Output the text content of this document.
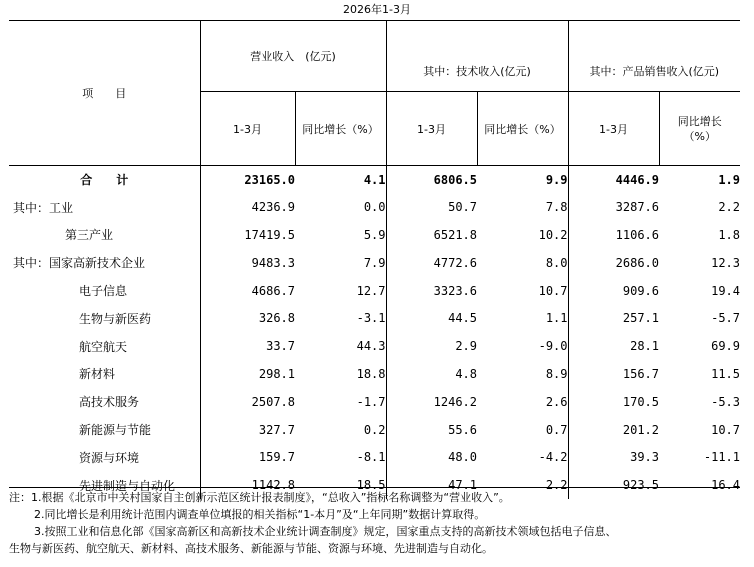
2026年1-3月
项　　目	营业收入　(亿元)		其中：技术收入(亿元)		其中：产品销售收入(亿元)	
	1-3月	同比增长（%）	1-3月	同比增长（%）	1-3月	同比增长
（%）
合　　计	23165.0	4.1	6806.5	9.9	4446.9	1.9
其中：工业	4236.9	0.0	50.7	7.8	3287.6	2.2
第三产业	17419.5	5.9	6521.8	10.2	1106.6	1.8
其中：国家高新技术企业	9483.3	7.9	4772.6	8.0	2686.0	12.3
电子信息	4686.7	12.7	3323.6	10.7	909.6	19.4
生物与新医药	326.8	-3.1	44.5	1.1	257.1	-5.7
航空航天	33.7	44.3	2.9	-9.0	28.1	69.9
新材料	298.1	18.8	4.8	8.9	156.7	11.5
高技术服务	2507.8	-1.7	1246.2	2.6	170.5	-5.3
新能源与节能	327.7	0.2	55.6	0.7	201.2	10.7
资源与环境	159.7	-8.1	48.0	-4.2	39.3	-11.1
先进制造与自动化	1142.8	18.5	47.1	2.2	923.5	16.4
注：1.根据《北京市中关村国家自主创新示范区统计报表制度》，“总收入”指标名称调整为“营业收入”。
2.同比增长是利用统计范围内调查单位填报的相关指标“1-本月”及“上年同期”数据计算取得。
3.按照工业和信息化部《国家高新区和高新技术企业统计调查制度》规定，国家重点支持的高新技术领域包括电子信息、
生物与新医药、航空航天、新材料、高技术服务、新能源与节能、资源与环境、先进制造与自动化。
